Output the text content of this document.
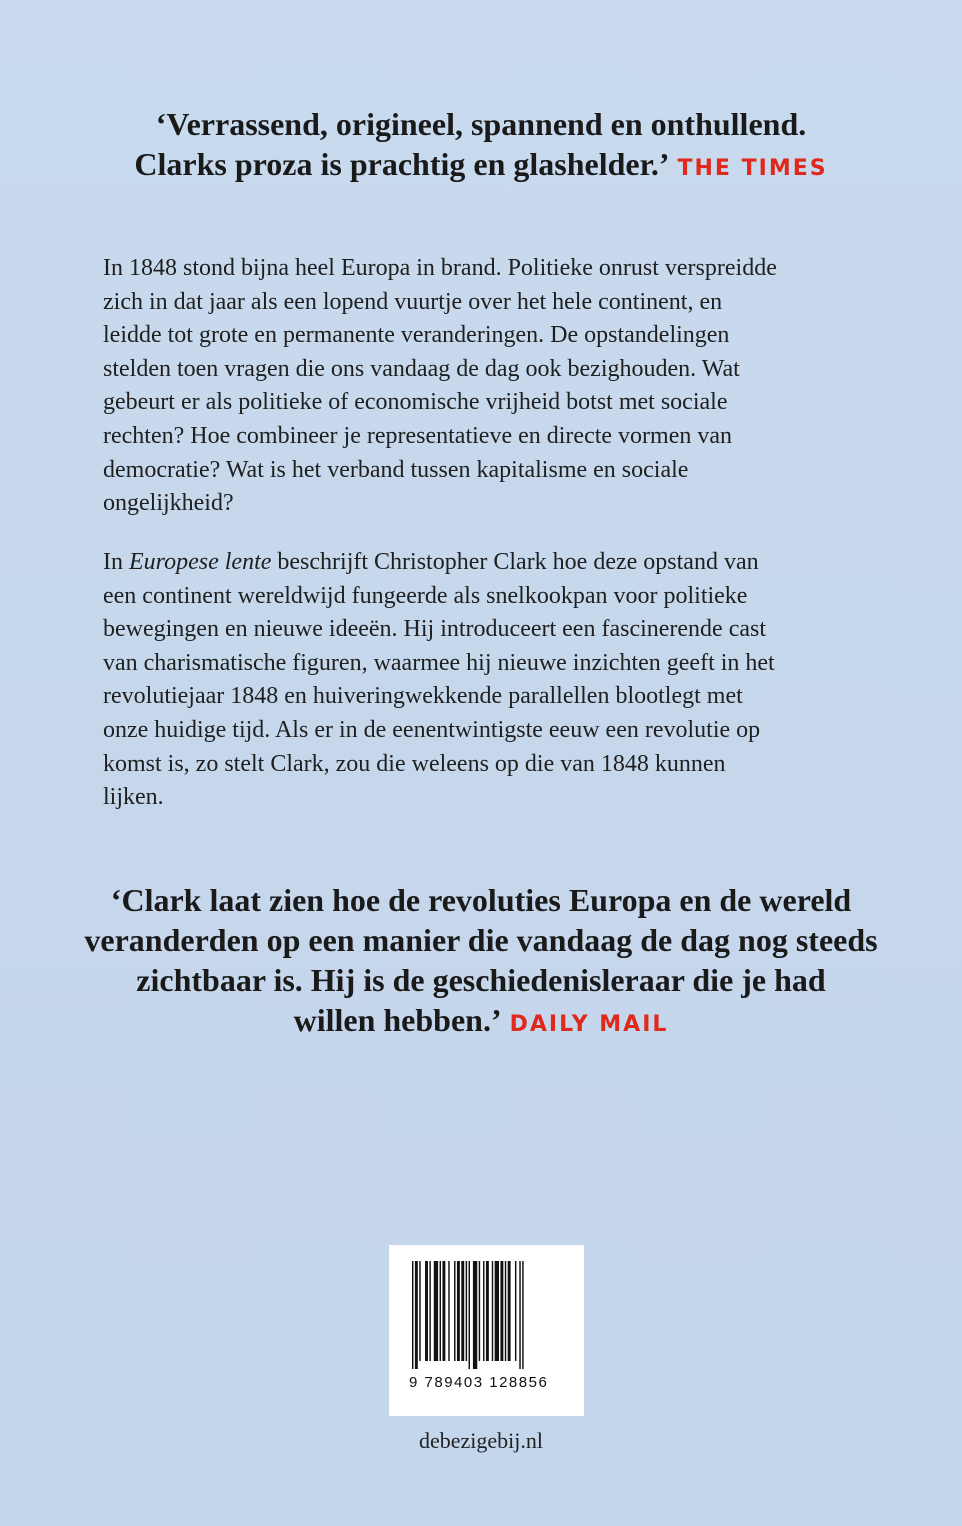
‘Verrassend, origineel, spannend en onthullend.
Clarks proza is prachtig en glashelder.’ THE TIMES
In 1848 stond bijna heel Europa in brand. Politieke onrust verspreidde
zich in dat jaar als een lopend vuurtje over het hele continent, en
leidde tot grote en permanente veranderingen. De opstandelingen
stelden toen vragen die ons vandaag de dag ook bezighouden. Wat
gebeurt er als politieke of economische vrijheid botst met sociale
rechten? Hoe combineer je representatieve en directe vormen van
democratie? Wat is het verband tussen kapitalisme en sociale
ongelijkheid?
In Europese lente beschrijft Christopher Clark hoe deze opstand van
een continent wereldwijd fungeerde als snelkookpan voor politieke
bewegingen en nieuwe ideeën. Hij introduceert een fascinerende cast
van charismatische figuren, waarmee hij nieuwe inzichten geeft in het
revolutiejaar 1848 en huiveringwekkende parallellen blootlegt met
onze huidige tijd. Als er in de eenentwintigste eeuw een revolutie op
komst is, zo stelt Clark, zou die weleens op die van 1848 kunnen
lijken.
‘Clark laat zien hoe de revoluties Europa en de wereld
veranderden op een manier die vandaag de dag nog steeds
zichtbaar is. Hij is de geschiedenisleraar die je had
willen hebben.’ DAILY MAIL
9 789403 128856
debezigebij.nl
